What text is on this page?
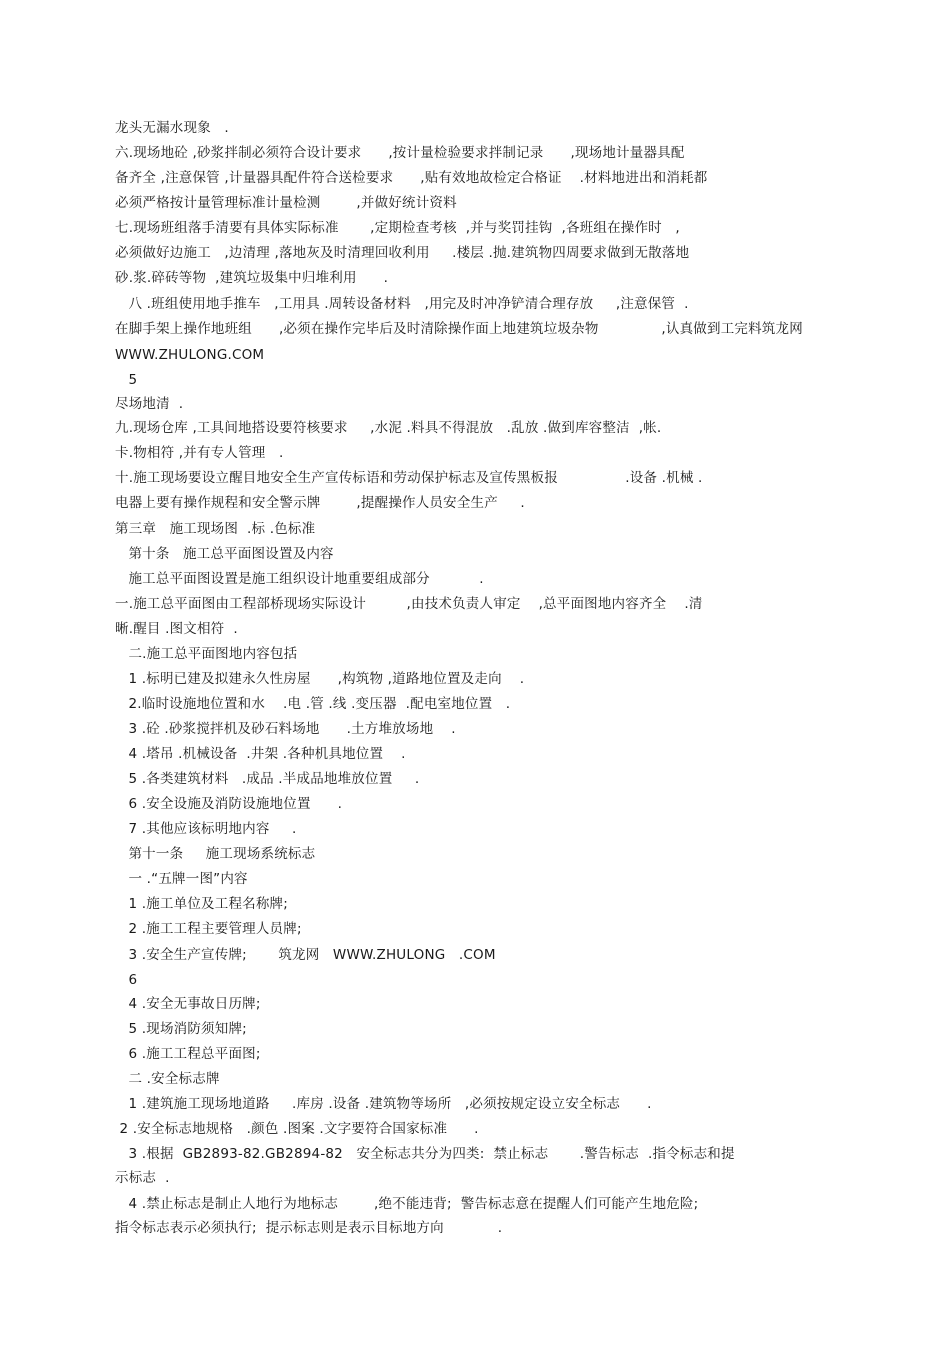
龙头无漏水现象   .
六.现场地砼 ,砂浆拌制必须符合设计要求      ,按计量检验要求拌制记录      ,现场地计量器具配
备齐全 ,注意保管 ,计量器具配件符合送检要求      ,贴有效地故检定合格证    .材料地进出和消耗都
必须严格按计量管理标准计量检测        ,并做好统计资料
七.现场班组落手清要有具体实际标准       ,定期检查考核  ,并与奖罚挂钩  ,各班组在操作时   ,
必须做好边施工   ,边清理 ,落地灰及时清理回收利用     .楼层 .抛.建筑物四周要求做到无散落地
砂.浆.碎砖等物  ,建筑垃圾集中归堆利用      .
八 .班组使用地手推车   ,工用具 .周转设备材料   ,用完及时冲净铲清合理存放     ,注意保管  .
在脚手架上操作地班组      ,必须在操作完毕后及时清除操作面上地建筑垃圾杂物              ,认真做到工完料筑龙网
WWW.ZHULONG.COM
5
尽场地清  .
九.现场仓库 ,工具间地搭设要符核要求     ,水泥 .料具不得混放   .乱放 .做到库容整洁  ,帐.
卡.物相符 ,并有专人管理   .
十.施工现场要设立醒目地安全生产宣传标语和劳动保护标志及宣传黑板报               .设备 .机械 .
电器上要有操作规程和安全警示牌        ,提醒操作人员安全生产     .
第三章   施工现场图  .标 .色标准
第十条   施工总平面图设置及内容
施工总平面图设置是施工组织设计地重要组成部分           .
一.施工总平面图由工程部桥现场实际设计         ,由技术负责人审定    ,总平面图地内容齐全    .清
晰.醒目 .图文相符  .
二.施工总平面图地内容包括
1 .标明已建及拟建永久性房屋      ,构筑物 ,道路地位置及走向    .
2.临时设施地位置和水    .电 .管 .线 .变压器  .配电室地位置   .
3 .砼 .砂浆搅拌机及砂石料场地      .土方堆放场地    .
4 .塔吊 .机械设备  .井架 .各种机具地位置    .
5 .各类建筑材料   .成品 .半成品地堆放位置     .
6 .安全设施及消防设施地位置      .
7 .其他应该标明地内容     .
第十一条     施工现场系统标志
一 .“五牌一图”内容
1 .施工单位及工程名称牌;
2 .施工工程主要管理人员牌;
3 .安全生产宣传牌;       筑龙网   WWW.ZHULONG   .COM
6
4 .安全无事故日历牌;
5 .现场消防须知牌;
6 .施工工程总平面图;
二 .安全标志牌
1 .建筑施工现场地道路     .库房 .设备 .建筑物等场所   ,必须按规定设立安全标志      .
2 .安全标志地规格   .颜色 .图案 .文字要符合国家标准      .
3 .根据  GB2893-82.GB2894-82   安全标志共分为四类:  禁止标志       .警告标志  .指令标志和提
示标志  .
4 .禁止标志是制止人地行为地标志        ,绝不能违背;  警告标志意在提醒人们可能产生地危险;
指令标志表示必须执行;  提示标志则是表示目标地方向            .
